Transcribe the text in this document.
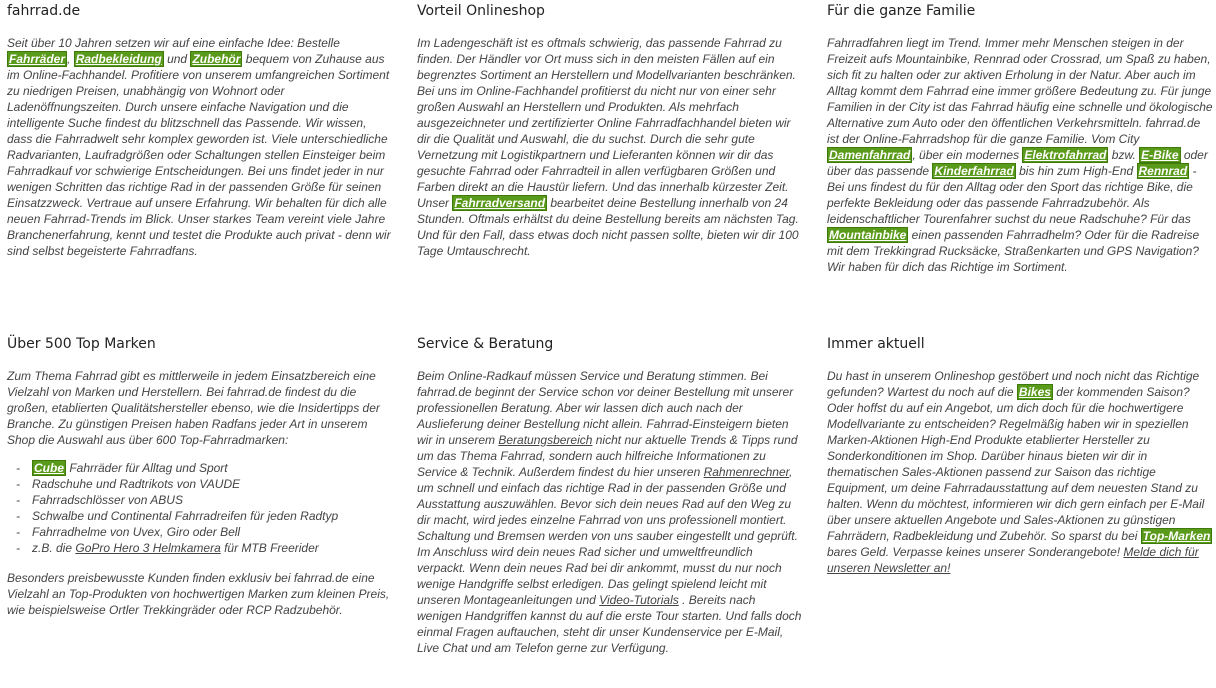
fahrrad.de

Seit über 10 Jahren setzen wir auf eine einfache Idee: Bestelle Fahrräder , Radbekleidung und Zubehör bequem von Zuhause aus im Online-Fachhandel. Profitiere von unserem umfangreichen Sortiment zu niedrigen Preisen, unabhängig von Wohnort oder Ladenöffnungszeiten. Durch unsere einfache Navigation und die intelligente Suche findest du blitzschnell das Passende. Wir wissen, dass die Fahrradwelt sehr komplex geworden ist. Viele unterschiedliche Radvarianten, Laufradgrößen oder Schaltungen stellen Einsteiger beim Fahrradkauf vor schwierige Entscheidungen. Bei uns findet jeder in nur wenigen Schritten das richtige Rad in der passenden Größe für seinen Einsatzzweck. Vertraue auf unsere Erfahrung. Wir behalten für dich alle neuen Fahrrad-Trends im Blick. Unser starkes Team vereint viele Jahre Branchenerfahrung, kennt und testet die Produkte auch privat - denn wir sind selbst begeisterte Fahrradfans.

Vorteil Onlineshop

Im Ladengeschäft ist es oftmals schwierig, das passende Fahrrad zu finden. Der Händler vor Ort muss sich in den meisten Fällen auf ein begrenztes Sortiment an Herstellern und Modellvarianten beschränken. Bei uns im Online-Fachhandel profitierst du nicht nur von einer sehr großen Auswahl an Herstellern und Produkten. Als mehrfach ausgezeichneter und zertifizierter Online Fahrradfachhandel bieten wir dir die Qualität und Auswahl, die du suchst. Durch die sehr gute Vernetzung mit Logistikpartnern und Lieferanten können wir dir das gesuchte Fahrrad oder Fahrradteil in allen verfügbaren Größen und Farben direkt an die Haustür liefern. Und das innerhalb kürzester Zeit. Unser Fahrradversand bearbeitet deine Bestellung innerhalb von 24 Stunden. Oftmals erhältst du deine Bestellung bereits am nächsten Tag. Und für den Fall, dass etwas doch nicht passen sollte, bieten wir dir 100 Tage Umtauschrecht.

Für die ganze Familie

Fahrradfahren liegt im Trend. Immer mehr Menschen steigen in der Freizeit aufs Mountainbike, Rennrad oder Crossrad, um Spaß zu haben, sich fit zu halten oder zur aktiven Erholung in der Natur. Aber auch im Alltag kommt dem Fahrrad eine immer größere Bedeutung zu. Für junge Familien in der City ist das Fahrrad häufig eine schnelle und ökologische Alternative zum Auto oder den öffentlichen Verkehrsmitteln. fahrrad.de ist der Online-Fahrradshop für die ganze Familie. Vom City Damenfahrrad , über ein modernes Elektrofahrrad bzw. E-Bike oder über das passende Kinderfahrrad bis hin zum High-End Rennrad - Bei uns findest du für den Alltag oder den Sport das richtige Bike, die perfekte Bekleidung oder das passende Fahrradzubehör. Als leidenschaftlicher Tourenfahrer suchst du neue Radschuhe? Für das Mountainbike einen passenden Fahrradhelm? Oder für die Radreise mit dem Trekkingrad Rucksäcke, Straßenkarten und GPS Navigation? Wir haben für dich das Richtige im Sortiment.

Über 500 Top Marken

Zum Thema Fahrrad gibt es mittlerweile in jedem Einsatzbereich eine Vielzahl von Marken und Herstellern. Bei fahrrad.de findest du die großen, etablierten Qualitätshersteller ebenso, wie die Insidertipps der Branche. Zu günstigen Preisen haben Radfans jeder Art in unserem Shop die Auswahl aus über 600 Top-Fahrradmarken:

- Cube Fahrräder für Alltag und Sport
- Radschuhe und Radtrikots von VAUDE
- Fahrradschlösser von ABUS
- Schwalbe und Continental Fahrradreifen für jeden Radtyp
- Fahrradhelme von Uvex, Giro oder Bell
- z.B. die GoPro Hero 3 Helmkamera für MTB Freerider

Besonders preisbewusste Kunden finden exklusiv bei fahrrad.de eine Vielzahl an Top-Produkten von hochwertigen Marken zum kleinen Preis, wie beispielsweise Ortler Trekkingräder oder RCP Radzubehör.

Service & Beratung

Beim Online-Radkauf müssen Service und Beratung stimmen. Bei fahrrad.de beginnt der Service schon vor deiner Bestellung mit unserer professionellen Beratung. Aber wir lassen dich auch nach der Auslieferung deiner Bestellung nicht allein. Fahrrad-Einsteigern bieten wir in unserem Beratungsbereich nicht nur aktuelle Trends & Tipps rund um das Thema Fahrrad, sondern auch hilfreiche Informationen zu Service & Technik. Außerdem findest du hier unseren Rahmenrechner, um schnell und einfach das richtige Rad in der passenden Größe und Ausstattung auszuwählen. Bevor sich dein neues Rad auf den Weg zu dir macht, wird jedes einzelne Fahrrad von uns professionell montiert. Schaltung und Bremsen werden von uns sauber eingestellt und geprüft. Im Anschluss wird dein neues Rad sicher und umweltfreundlich verpackt. Wenn dein neues Rad bei dir ankommt, musst du nur noch wenige Handgriffe selbst erledigen. Das gelingt spielend leicht mit unseren Montageanleitungen und Video-Tutorials . Bereits nach wenigen Handgriffen kannst du auf die erste Tour starten. Und falls doch einmal Fragen auftauchen, steht dir unser Kundenservice per E-Mail, Live Chat und am Telefon gerne zur Verfügung.

Immer aktuell

Du hast in unserem Onlineshop gestöbert und noch nicht das Richtige gefunden? Wartest du noch auf die Bikes der kommenden Saison? Oder hoffst du auf ein Angebot, um dich doch für die hochwertigere Modellvariante zu entscheiden? Regelmäßig haben wir in speziellen Marken-Aktionen High-End Produkte etablierter Hersteller zu Sonderkonditionen im Shop. Darüber hinaus bieten wir dir in thematischen Sales-Aktionen passend zur Saison das richtige Equipment, um deine Fahrradausstattung auf dem neuesten Stand zu halten. Wenn du möchtest, informieren wir dich gern einfach per E-Mail über unsere aktuellen Angebote und Sales-Aktionen zu günstigen Fahrrädern, Radbekleidung und Zubehör. So sparst du bei Top-Marken bares Geld. Verpasse keines unserer Sonderangebote! Melde dich für unseren Newsletter an!
